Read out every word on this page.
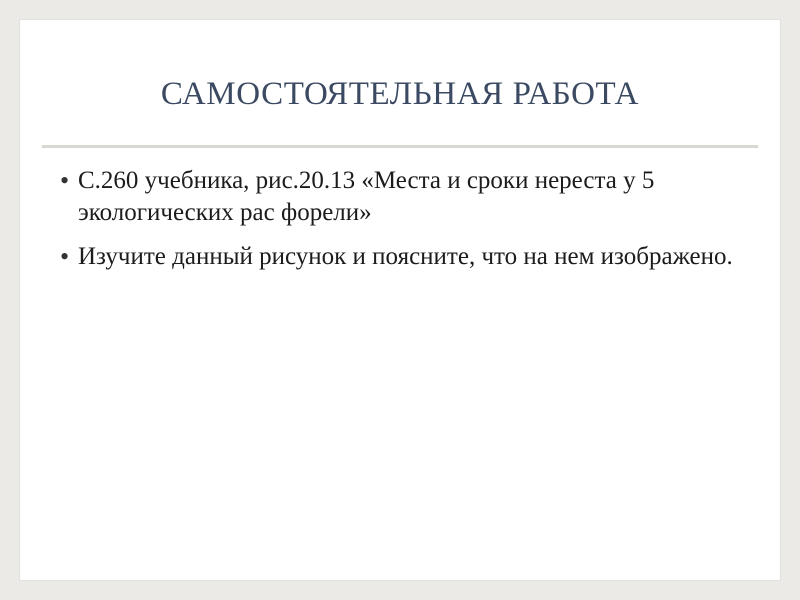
САМОСТОЯТЕЛЬНАЯ РАБОТА
• С.260 учебника, рис.20.13 «Места и сроки нереста у 5 экологических рас форели»
• Изучите данный рисунок и поясните, что на нем изображено.
